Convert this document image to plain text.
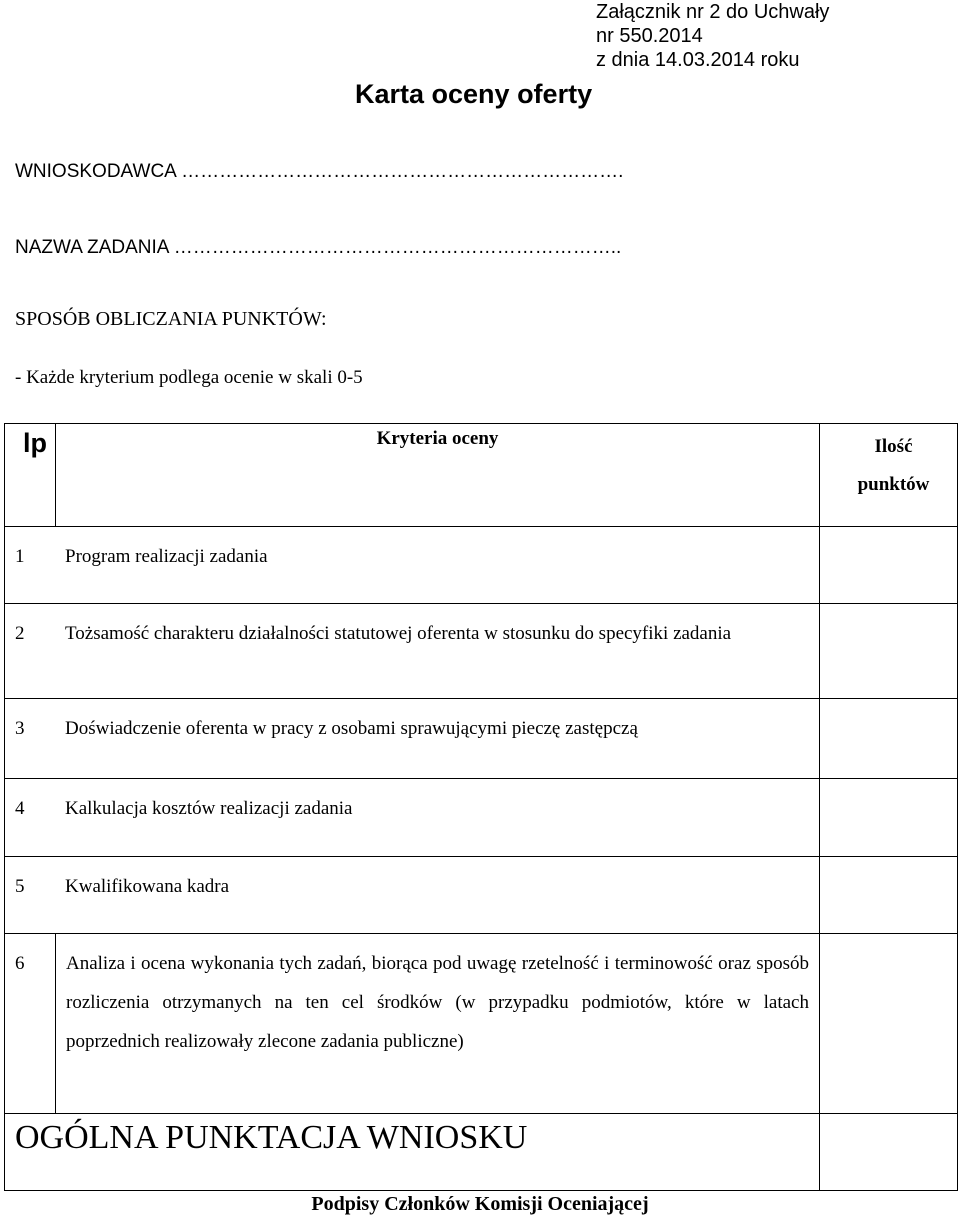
Załącznik nr 2 do Uchwały
nr 550.2014
z dnia 14.03.2014 roku
Karta oceny oferty
WNIOSKODAWCA …………………………………………………………….
NAZWA ZADANIA ……………………………………………………………..
SPOSÓB OBLICZANIA PUNKTÓW:
- Każde kryterium podlega ocenie w skali 0-5
lp	Kryteria oceny	Ilość
punktów

1 Program realizacji zadania		
2 Tożsamość charakteru działalności statutowej oferenta w stosunku do specyfiki zadania		
3 Doświadczenie oferenta w pracy z osobami sprawującymi pieczę zastępczą		
4 Kalkulacja kosztów realizacji zadania		
5 Kwalifikowana kadra		
6	Analiza i ocena wykonania tych zadań, biorąca pod uwagę rzetelność i terminowość oraz sposób rozliczenia otrzymanych na ten cel środków (w przypadku podmiotów, które w latach poprzednich realizowały zlecone zadania publiczne)	
OGÓLNA PUNKTACJA WNIOSKU		
Podpisy Członków Komisji Oceniającej
